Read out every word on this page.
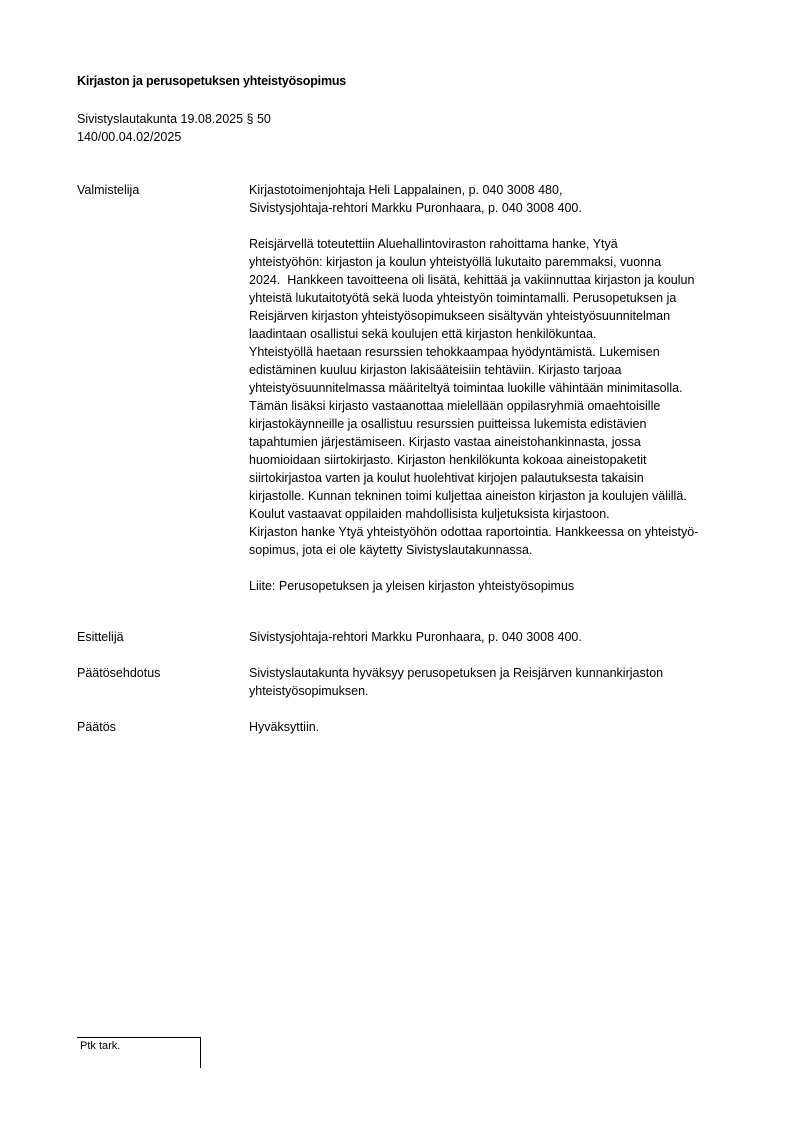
Kirjaston ja perusopetuksen yhteistyösopimus
Sivistyslautakunta 19.08.2025 § 50
140/00.04.02/2025
Valmistelija	Kirjastotoimenjohtaja Heli Lappalainen, p. 040 3008 480,
Sivistysjohtaja-rehtori Markku Puronhaara, p. 040 3008 400.
Reisjärvellä toteutettiin Aluehallintoviraston rahoittama hanke, Ytyä
yhteistyöhön: kirjaston ja koulun yhteistyöllä lukutaito paremmaksi, vuonna
2024.  Hankkeen tavoitteena oli lisätä, kehittää ja vakiinnuttaa kirjaston ja koulun
yhteistä lukutaitotyötä sekä luoda yhteistyön toimintamalli. Perusopetuksen ja
Reisjärven kirjaston yhteistyösopimukseen sisältyvän yhteistyösuunnitelman
laadintaan osallistui sekä koulujen että kirjaston henkilökuntaa.
Yhteistyöllä haetaan resurssien tehokkaampaa hyödyntämistä. Lukemisen
edistäminen kuuluu kirjaston lakisääteisiin tehtäviin. Kirjasto tarjoaa
yhteistyösuunnitelmassa määriteltyä toimintaa luokille vähintään minimitasolla.
Tämän lisäksi kirjasto vastaanottaa mielellään oppilasryhmiä omaehtoisille
kirjastokäynneille ja osallistuu resurssien puitteissa lukemista edistävien
tapahtumien järjestämiseen. Kirjasto vastaa aineistohankinnasta, jossa
huomioidaan siirtokirjasto. Kirjaston henkilökunta kokoaa aineistopaketit
siirtokirjastoa varten ja koulut huolehtivat kirjojen palautuksesta takaisin
kirjastolle. Kunnan tekninen toimi kuljettaa aineiston kirjaston ja koulujen välillä.
Koulut vastaavat oppilaiden mahdollisista kuljetuksista kirjastoon.
Kirjaston hanke Ytyä yhteistyöhön odottaa raportointia. Hankkeessa on yhteistyö-
sopimus, jota ei ole käytetty Sivistyslautakunnassa.
Liite: Perusopetuksen ja yleisen kirjaston yhteistyösopimus
Esittelijä	Sivistysjohtaja-rehtori Markku Puronhaara, p. 040 3008 400.
Päätösehdotus	Sivistyslautakunta hyväksyy perusopetuksen ja Reisjärven kunnankirjaston
yhteistyösopimuksen.
Päätös	Hyväksyttiin.
Ptk tark.
